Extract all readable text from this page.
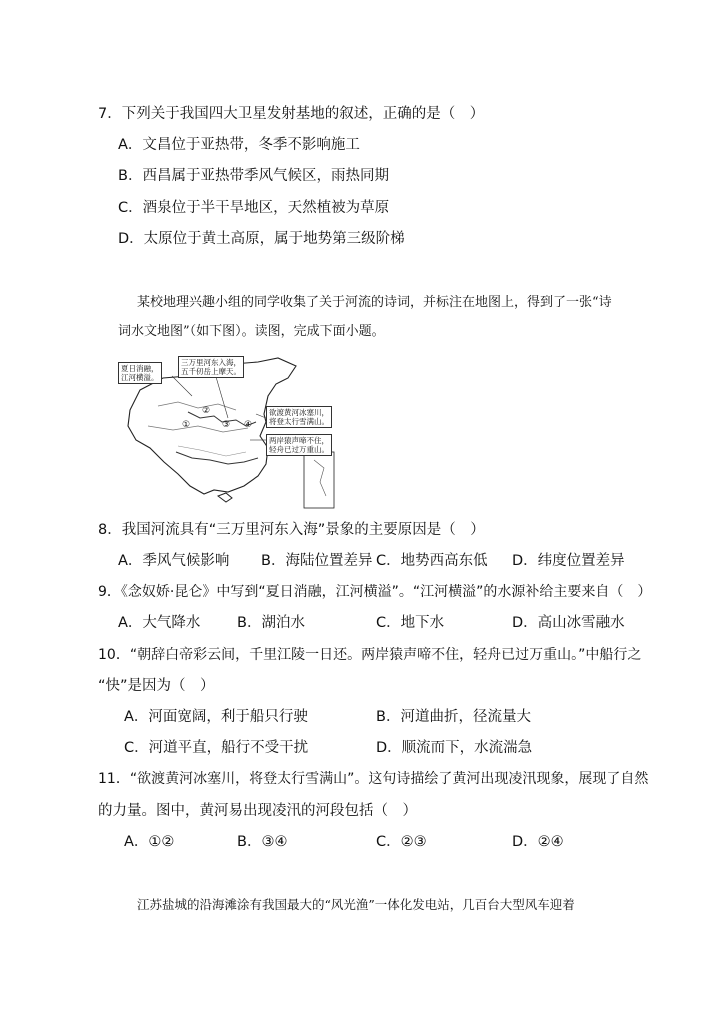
7．下列关于我国四大卫星发射基地的叙述，正确的是（　）
A．文昌位于亚热带，冬季不影响施工
B．西昌属于亚热带季风气候区，雨热同期
C．酒泉位于半干旱地区，天然植被为草原
D．太原位于黄土高原，属于地势第三级阶梯
某校地理兴趣小组的同学收集了关于河流的诗词，并标注在地图上，得到了一张“诗
词水文地图”（如下图）。读图，完成下面小题。
夏日消融，
江河横溢。
三万里河东入海，
五千仞岳上摩天。
欲渡黄河冰塞川，
将登太行雪满山。
两岸猿声啼不住，
轻舟已过万重山。
①
②
③ ④
8．我国河流具有“三万里河东入海”景象的主要原因是（　）
A．季风气候影响 B．海陆位置差异 C．地势西高东低 D．纬度位置差异
9．《念奴娇·昆仑》中写到“夏日消融，江河横溢”。“江河横溢”的水源补给主要来自（　）
A．大气降水	B．湖泊水	C．地下水	D．高山冰雪融水
10．“朝辞白帝彩云间，千里江陵一日还。两岸猿声啼不住，轻舟已过万重山。”中船行之
“快”是因为（　）
A．河面宽阔，利于船只行驶	B．河道曲折，径流量大
C．河道平直，船行不受干扰	D．顺流而下，水流湍急
11．“欲渡黄河冰塞川，将登太行雪满山”。这句诗描绘了黄河出现凌汛现象，展现了自然
的力量。图中，黄河易出现凌汛的河段包括（　）
A．①②	B．③④	C．②③	D．②④
江苏盐城的沿海滩涂有我国最大的“风光渔”一体化发电站，几百台大型风车迎着
